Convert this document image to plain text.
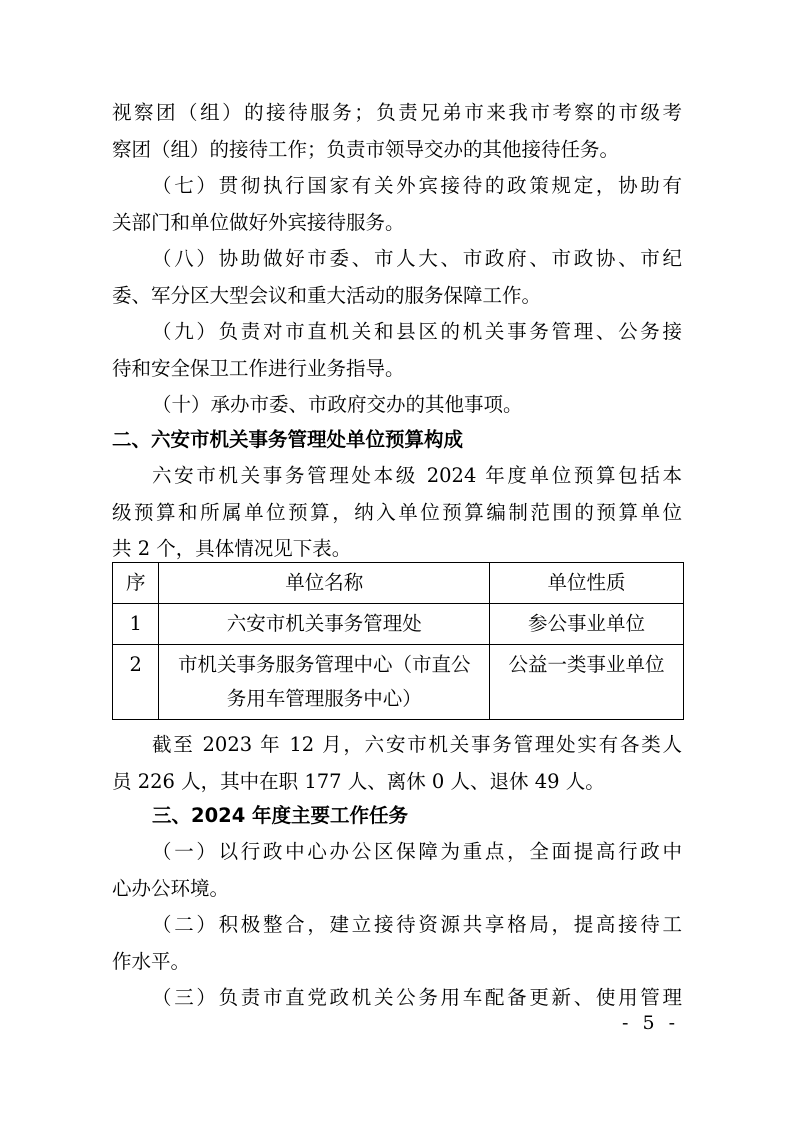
视察团（组）的接待服务；负责兄弟市来我市考察的市级考
察团（组）的接待工作；负责市领导交办的其他接待任务。
（七）贯彻执行国家有关外宾接待的政策规定，协助有
关部门和单位做好外宾接待服务。
（八）协助做好市委、市人大、市政府、市政协、市纪
委、军分区大型会议和重大活动的服务保障工作。
（九）负责对市直机关和县区的机关事务管理、公务接
待和安全保卫工作进行业务指导。
（十）承办市委、市政府交办的其他事项。
二、六安市机关事务管理处单位预算构成
六安市机关事务管理处本级 2024 年度单位预算包括本
级预算和所属单位预算，纳入单位预算编制范围的预算单位
共 2 个，具体情况见下表。
序	单位名称	单位性质
1	六安市机关事务管理处	参公事业单位
2	市机关事务服务管理中心（市直公
务用车管理服务中心）	公益一类事业单位
截至 2023 年 12 月，六安市机关事务管理处实有各类人
员 226 人，其中在职 177 人、离休 0 人、退休 49 人。
三、2024 年度主要工作任务
（一）以行政中心办公区保障为重点，全面提高行政中
心办公环境。
（二）积极整合，建立接待资源共享格局，提高接待工
作水平。
（三）负责市直党政机关公务用车配备更新、使用管理
- 5 -
